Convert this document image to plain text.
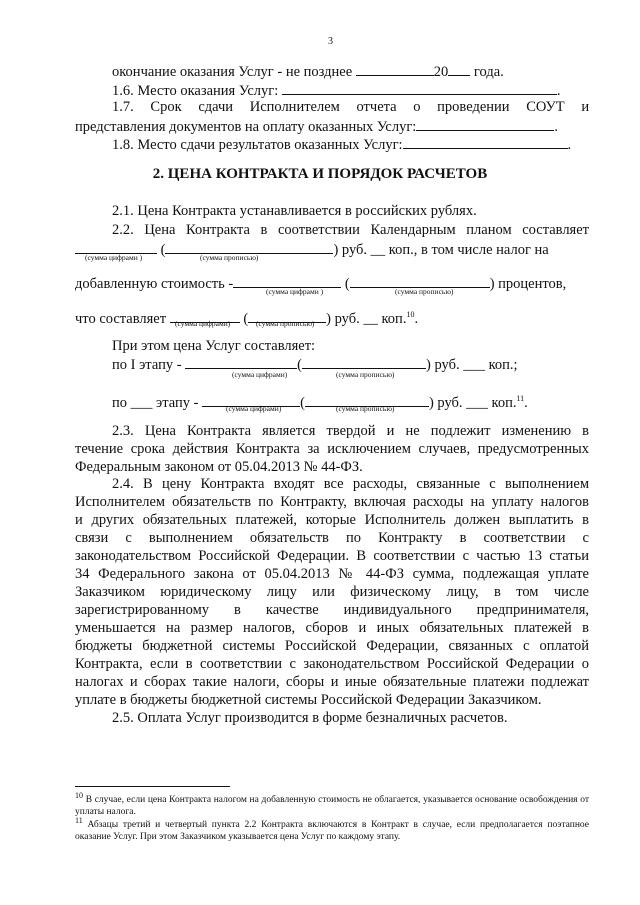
3
окончание оказания Услуг - не позднее	20 года.
1.6. Место оказания Услуг:	.
1.7. Срок сдачи Исполнителем отчета о проведении СОУТ и
представления документов на оплату оказанных Услуг:	.
1.8. Место сдачи результатов оказанных Услуг:	.
2. ЦЕНА КОНТРАКТА И ПОРЯДОК РАСЧЕТОВ
2.1. Цена Контракта устанавливается в российских рублях.
2.2. Цена Контракта в соответствии Календарным планом составляет
(	) руб. __ коп., в том числе налог на
(сумма цифрами )	(сумма прописью)
добавленную стоимость -	(	) процентов,
(сумма цифрами )	(сумма прописью)
что составляет	(	) руб. __ коп.$^{10}$.
(сумма цифрами)	(сумма прописью)
При этом цена Услуг составляет:
по I этапу -	(	) руб. ___ коп.;
(сумма цифрами)	(сумма прописью)
по ___ этапу -	(	) руб. ___ коп.$^{11}$.
(сумма цифрами)	(сумма прописью)
2.3. Цена Контракта является твердой и не подлежит изменению в
течение срока действия Контракта за исключением случаев, предусмотренных
Федеральным законом от 05.04.2013 № 44-ФЗ.
2.4. В цену Контракта входят все расходы, связанные с выполнением
Исполнителем обязательств по Контракту, включая расходы на уплату налогов
и других обязательных платежей, которые Исполнитель должен выплатить в
связи с выполнением обязательств по Контракту в соответствии с
законодательством Российской Федерации. В соответствии с частью 13 статьи
34 Федерального закона от 05.04.2013 № 44-ФЗ сумма, подлежащая уплате
Заказчиком юридическому лицу или физическому лицу, в том числе
зарегистрированному в качестве индивидуального предпринимателя,
уменьшается на размер налогов, сборов и иных обязательных платежей в
бюджеты бюджетной системы Российской Федерации, связанных с оплатой
Контракта, если в соответствии с законодательством Российской Федерации о
налогах и сборах такие налоги, сборы и иные обязательные платежи подлежат
уплате в бюджеты бюджетной системы Российской Федерации Заказчиком.
2.5. Оплата Услуг производится в форме безналичных расчетов.
$^{10}$ В случае, если цена Контракта налогом на добавленную стоимость не облагается, указывается основание освобождения от уплаты налога.
$^{11}$ Абзацы третий и четвертый пункта 2.2 Контракта включаются в Контракт в случае, если предполагается поэтапное оказание Услуг. При этом Заказчиком указывается цена Услуг по каждому этапу.
